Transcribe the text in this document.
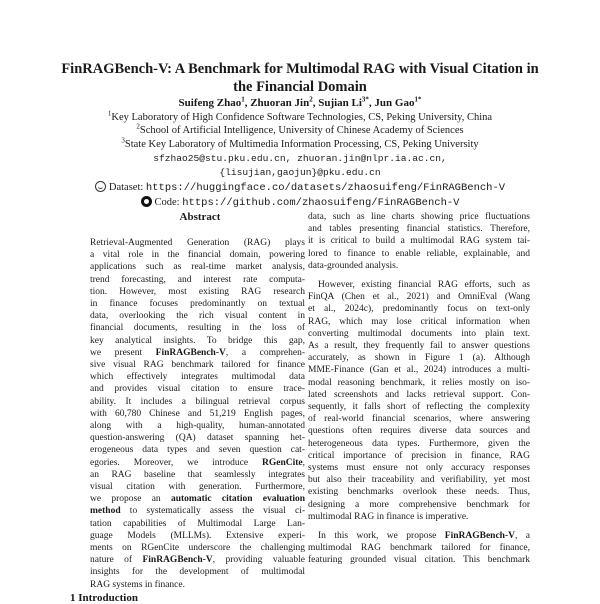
FinRAGBench-V: A Benchmark for Multimodal RAG with Visual Citation in the Financial Domain
Suifeng Zhao$^1$, Zhuoran Jin$^2$, Sujian $Li^{3*}$, Jun Gao$^{1*}$
$^1$Key Laboratory of High Confidence Software Technologies, CS, Peking University, China
$^2$School of Artificial Intelligence, University of Chinese Academy of Sciences
$^3$State Key Laboratory of Multimedia Information Processing, CS, Peking University
sfzhao25@stu.pku.edu.cn, zhuoran.jin@nlpr.ia.ac.cn,
{lisujian,gaojun}@pku.edu.cn
Dataset: https://huggingface.co/datasets/zhaosuifeng/FinRAGBench-V
Code: https://github.com/zhaosuifeng/FinRAGBench-V
Abstract
Retrieval-Augmented Generation (RAG) plays
a vital role in the financial domain, powering
applications such as real-time market analysis,
trend forecasting, and interest rate computa-
tion. However, most existing RAG research
in finance focuses predominantly on textual
data, overlooking the rich visual content in
financial documents, resulting in the loss of
key analytical insights. To bridge this gap,
we present FinRAGBench-V, a comprehen-
sive visual RAG benchmark tailored for finance
which effectively integrates multimodal data
and provides visual citation to ensure trace-
ability. It includes a bilingual retrieval corpus
with 60,780 Chinese and 51,219 English pages,
along with a high-quality, human-annotated
question-answering (QA) dataset spanning het-
erogeneous data types and seven question cat-
egories. Moreover, we introduce RGenCite,
an RAG baseline that seamlessly integrates
visual citation with generation. Furthermore,
we propose an automatic citation evaluation
method to systematically assess the visual ci-
tation capabilities of Multimodal Large Lan-
guage Models (MLLMs). Extensive experi-
ments on RGenCite underscore the challenging
nature of FinRAGBench-V, providing valuable
insights for the development of multimodal
RAG systems in finance.
data, such as line charts showing price fluctuations
and tables presenting financial statistics. Therefore,
it is critical to build a multimodal RAG system tai-
lored to finance to enable reliable, explainable, and
data-grounded analysis.
However, existing financial RAG efforts, such as
FinQA (Chen et al., 2021) and OmniEval (Wang
et al., 2024c), predominantly focus on text-only
RAG, which may lose critical information when
converting multimodal documents into plain text.
As a result, they frequently fail to answer questions
accurately, as shown in Figure 1 (a). Although
MME-Finance (Gan et al., 2024) introduces a multi-
modal reasoning benchmark, it relies mostly on iso-
lated screenshots and lacks retrieval support. Con-
sequently, it falls short of reflecting the complexity
of real-world financial scenarios, where answering
questions often requires diverse data sources and
heterogeneous data types. Furthermore, given the
critical importance of precision in finance, RAG
systems must ensure not only accuracy responses
but also their traceability and verifiability, yet most
existing benchmarks overlook these needs. Thus,
designing a more comprehensive benchmark for
multimodal RAG in finance is imperative.
In this work, we propose FinRAGBench-V, a
multimodal RAG benchmark tailored for finance,
featuring grounded visual citation. This benchmark
1 Introduction
